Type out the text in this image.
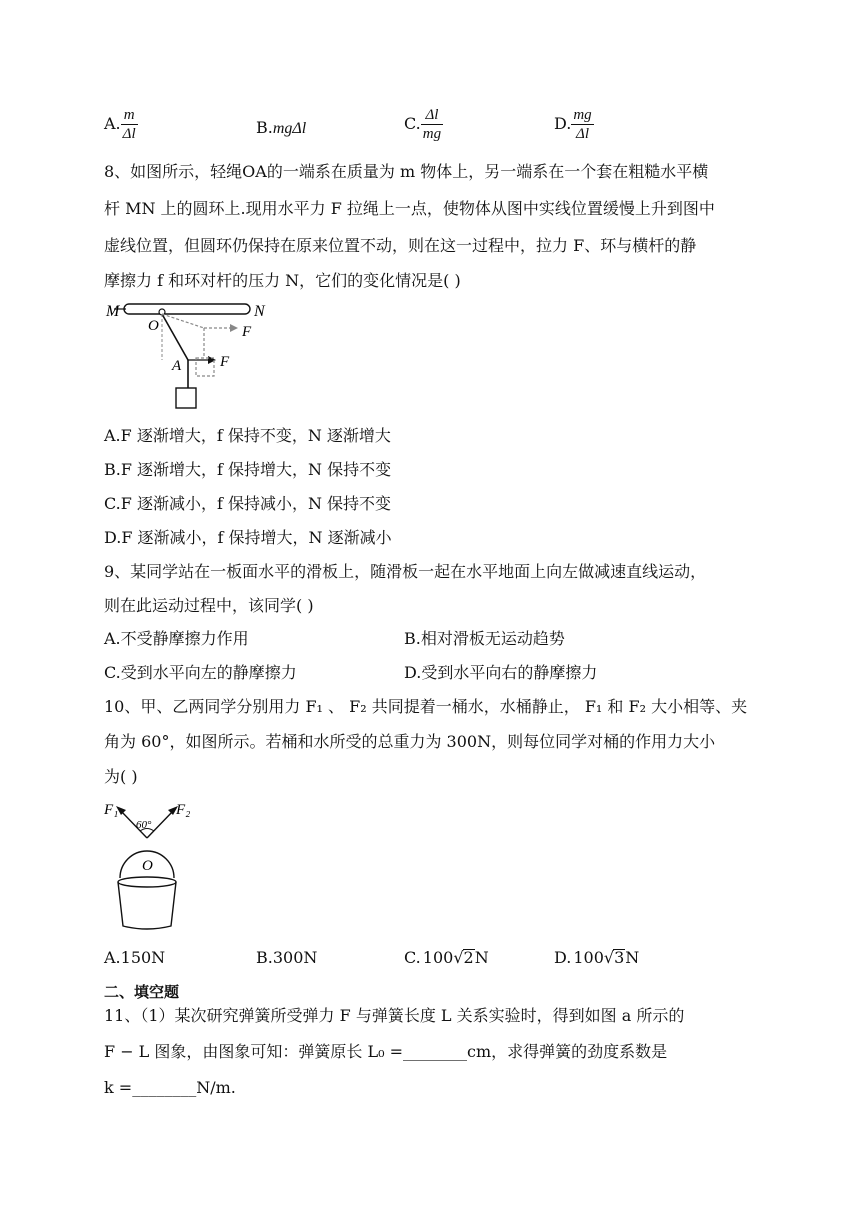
A. $\frac{m}{\Delta l}$	B.mgΔl	C. $\frac{\Delta l}{mg}$	D. $\frac{mg}{\Delta l}$
8、如图所示，轻绳OA的一端系在质量为 m 物体上，另一端系在一个套在粗糙水平横
杆 MN 上的圆环上.现用水平力 F 拉绳上一点，使物体从图中实线位置缓慢上升到图中
虚线位置，但圆环仍保持在原来位置不动，则在这一过程中，拉力 F、环与横杆的静
摩擦力 f 和环对杆的压力 N，它们的变化情况是( )
M	N
O
A
F
F
A.F 逐渐增大，f 保持不变，N 逐渐增大
B.F 逐渐增大，f 保持增大，N 保持不变
C.F 逐渐减小，f 保持减小，N 保持不变
D.F 逐渐减小，f 保持增大，N 逐渐减小
9、某同学站在一板面水平的滑板上，随滑板一起在水平地面上向左做减速直线运动，
则在此运动过程中，该同学( )
A.不受静摩擦力作用	B.相对滑板无运动趋势
C.受到水平向左的静摩擦力	D.受到水平向右的静摩擦力
10、甲、乙两同学分别用力 F₁ 、 F₂ 共同提着一桶水，水桶静止， F₁ 和 F₂ 大小相等、夹
角为 60°，如图所示。若桶和水所受的总重力为 300N，则每位同学对桶的作用力大小
为( )
F₁	F₂
60°
O
A.150N	B.300N	C. 100√2N	D. 100√3N
二、填空题
11、（1）某次研究弹簧所受弹力 F 与弹簧长度 L 关系实验时，得到如图 a 所示的
F − L 图象，由图象可知：弹簧原长 L₀ =________cm，求得弹簧的劲度系数是
k =________N/m.
